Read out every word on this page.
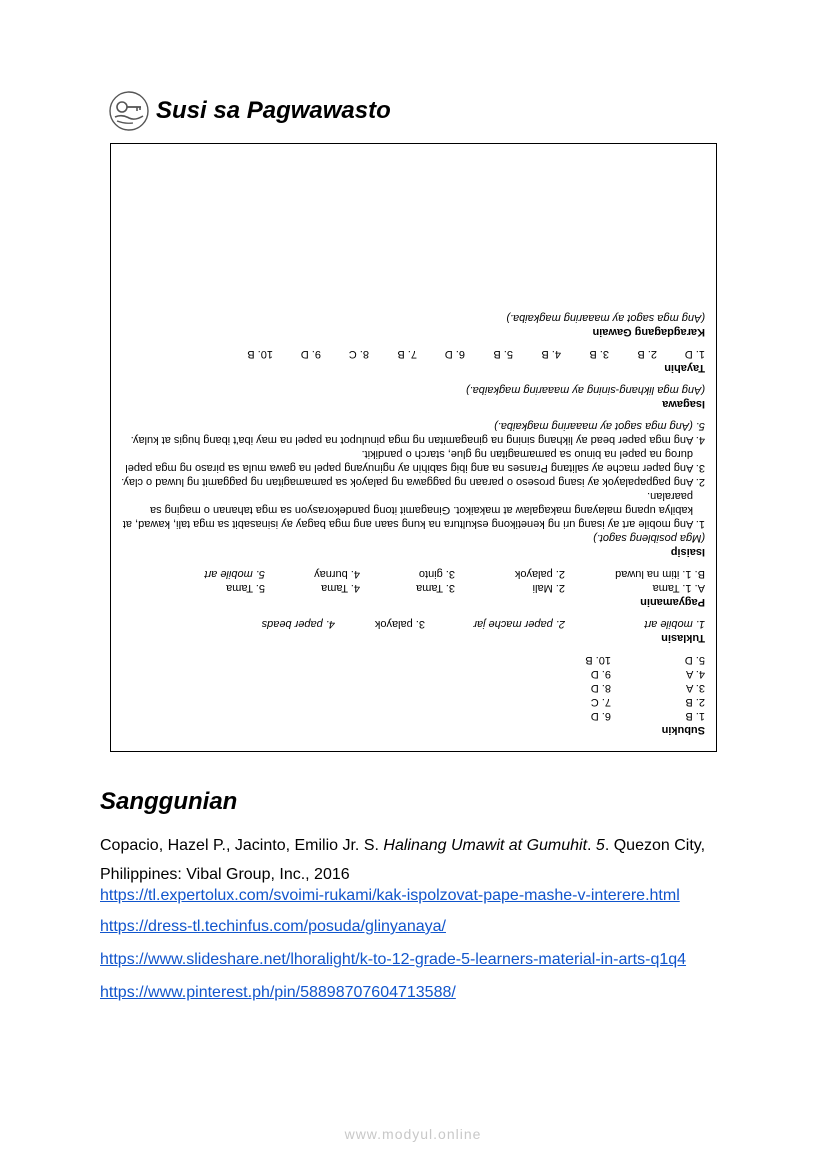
Susi sa Pagwawasto
Subukin
1. B
2. B
3. A
4. A
5. D
6. D
7. C
8. D
9. D
10. B
Tuklasin
1. mobile art
2. paper mache jar
3. palayok
4. paper beads
Pagyamanin
A. 1. Tama
2. Mali
3. Tama
4. Tama
5. Tama
B. 1. itim na luwad
2. palayok
3. ginto
4. burnay
5. mobile art
Isaisip
(Mga posibleng sagot.)
1. Ang mobile art ay isang uri ng kenetikong eskultura na kung saan ang mga bagay ay isinasabit sa mga tali, kawad, at kabilya upang malayang makagalaw at makaikot. Ginagamit itong pandekorasyon sa mga tahanan o maging sa paaralan.
2. Ang pagpapalayok ay isang proseso o paraan ng paggawa ng palayok sa pamamagitan ng paggamit ng luwad o clay.
3. Ang paper mache ay salitang Pranses na ang ibig sabihin ay nginuyang papel na gawa mula sa piraso ng mga papel durog na papel na binuo sa pamamagitan ng glue, starch o pandikit.
4. Ang mga paper bead ay likhang sining na ginagamitan ng mga pinulupot na papel na may iba't ibang hugis at kulay.
5. (Ang mga sagot ay maaaring magkaiba.)
Isagawa
(Ang mga likhang-sining ay maaaring magkaiba.)
Tayahin
1. D
2. B
3. B
4. B
5. B
6. D
7. B
8. C
9. D
10. B
Karagdagang Gawain
(Ang mga sagot ay maaaring magkaiba.)
Sanggunian
Copacio, Hazel P., Jacinto, Emilio Jr. S. Halinang Umawit at Gumuhit. 5. Quezon City, Philippines: Vibal Group, Inc., 2016
https://tl.expertolux.com/svoimi-rukami/kak-ispolzovat-pape-mashe-v-interere.html
https://dress-tl.techinfus.com/posuda/glinyanaya/
https://www.slideshare.net/lhoralight/k-to-12-grade-5-learners-material-in-arts-q1q4
https://www.pinterest.ph/pin/58898707604713588/
www.modyul.online
